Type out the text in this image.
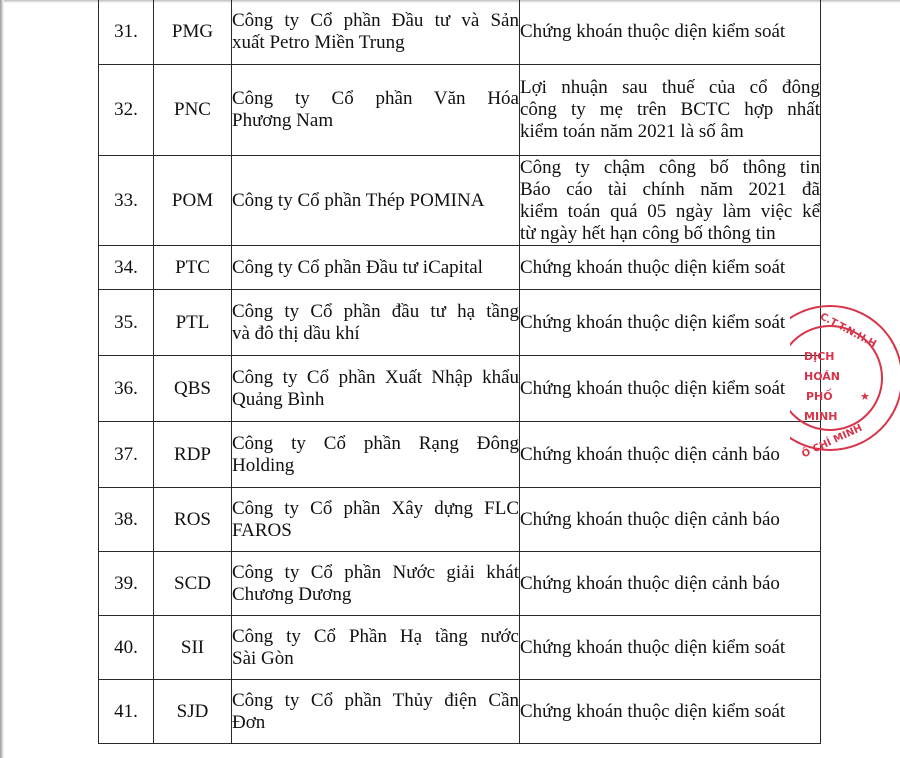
31.	PMG	Công ty Cổ phần Đầu tư và Sản
xuất Petro Miền Trung	Chứng khoán thuộc diện kiểm soát

32.	PNC	Công ty Cổ phần Văn Hóa
Phương Nam	Lợi nhuận sau thuế của cổ đông
công ty mẹ trên BCTC hợp nhất
kiểm toán năm 2021 là số âm

33.	POM	Công ty Cổ phần Thép POMINA	Công ty chậm công bố thông tin
Báo cáo tài chính năm 2021 đã
kiểm toán quá 05 ngày làm việc kể
từ ngày hết hạn công bố thông tin

34.	PTC	Công ty Cổ phần Đầu tư iCapital	Chứng khoán thuộc diện kiểm soát

35.	PTL	Công ty Cổ phần đầu tư hạ tầng
và đô thị dầu khí	Chứng khoán thuộc diện kiểm soát

36.	QBS	Công ty Cổ phần Xuất Nhập khẩu
Quảng Bình	Chứng khoán thuộc diện kiểm soát

37.	RDP	Công ty Cổ phần Rạng Đông
Holding	Chứng khoán thuộc diện cảnh báo

38.	ROS	Công ty Cổ phần Xây dựng FLC
FAROS	Chứng khoán thuộc diện cảnh báo

39.	SCD	Công ty Cổ phần Nước giải khát
Chương Dương	Chứng khoán thuộc diện cảnh báo

40.	SII	Công ty Cổ Phần Hạ tầng nước
Sài Gòn	Chứng khoán thuộc diện kiểm soát

41.	SJD	Công ty Cổ phần Thủy điện Cần
Đơn	Chứng khoán thuộc diện kiểm soát
C.T.T.N.H.H
DỊCH
HOÁN
PHỐ
MINH
Ồ CHÍ MINH
★
